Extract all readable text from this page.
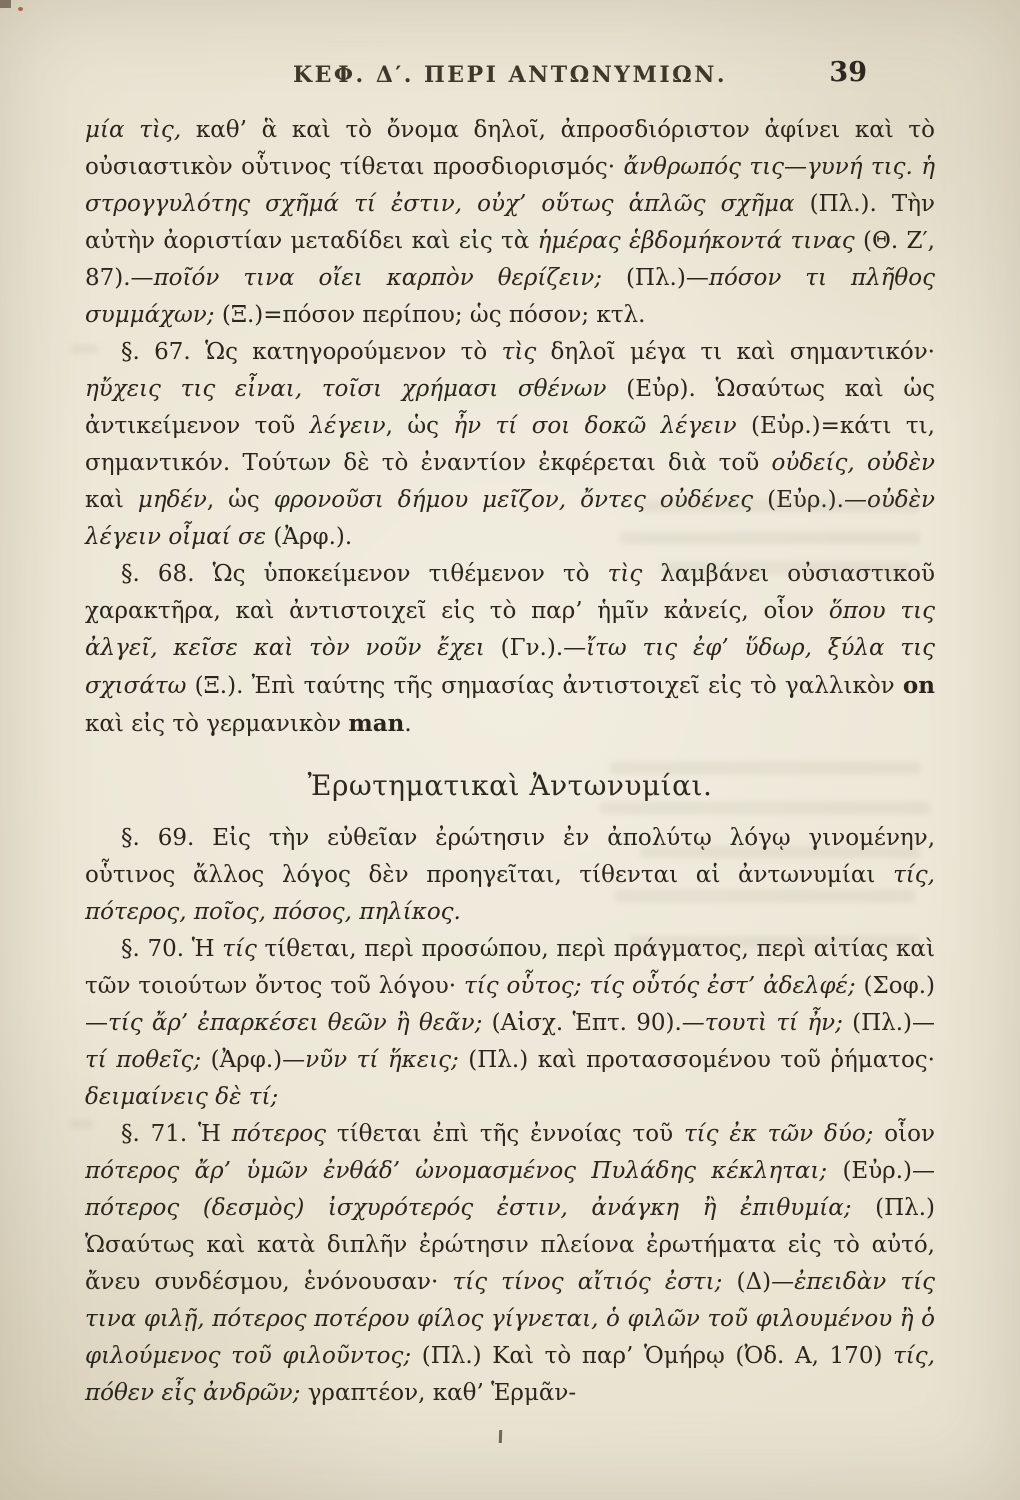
ΚΕΦ. Δ′. ΠΕΡΙ ΑΝΤΩΝΥΜΙΩΝ.	39

μία τὶς, καθ’ ἃ καὶ τὸ ὄνομα δηλοῖ, ἀπροσδιόριστον ἀφίνει καὶ τὸ οὐσιαστικὸν οὗτινος τίθεται προσδιορισμός· ἄνθρωπός τις—γυνή τις. ἡ στρογγυλότης σχῆμά τί ἐστιν, οὐχ’ οὕτως ἁπλῶς σχῆμα (Πλ.). Τὴν αὐτὴν ἀοριστίαν μεταδίδει καὶ εἰς τὰ ἡμέρας ἑβδομήκοντά τινας (Θ. Ζ′, 87).—ποῖόν τινα οἴει καρπὸν θερίζειν; (Πλ.)—πόσον τι πλῆθος συμμάχων; (Ξ.)=πόσον περίπου; ὡς πόσον; κτλ.

§. 67. Ὡς κατηγορούμενον τὸ τὶς δηλοῖ μέγα τι καὶ σημαντικόν· ηὔχεις τις εἶναι, τοῖσι χρήμασι σθένων (Εὐρ). Ὡσαύτως καὶ ὡς ἀντικείμενον τοῦ λέγειν, ὡς ἦν τί σοι δοκῶ λέγειν (Εὐρ.)=κάτι τι, σημαντικόν. Τούτων δὲ τὸ ἐναντίον ἐκφέρεται διὰ τοῦ οὐδείς, οὐδὲν καὶ μηδέν, ὡς φρονοῦσι δήμου μεῖζον, ὄντες οὐδένες (Εὐρ.).—οὐδὲν λέγειν οἶμαί σε (Ἀρφ.).

§. 68. Ὡς ὑποκείμενον τιθέμενον τὸ τὶς λαμβάνει οὐσιαστικοῦ χαρακτῆρα, καὶ ἀντιστοιχεῖ εἰς τὸ παρ’ ἡμῖν κἀνείς, οἷον ὅπου τις ἀλγεῖ, κεῖσε καὶ τὸν νοῦν ἔχει (Γν.).—ἴτω τις ἐφ’ ὕδωρ, ξύλα τις σχισάτω (Ξ.). Ἐπὶ ταύτης τῆς σημασίας ἀντιστοιχεῖ εἰς τὸ γαλλικὸν on καὶ εἰς τὸ γερμανικὸν man.

Ἐρωτηματικαὶ Ἀντωνυμίαι.

§. 69. Εἰς τὴν εὐθεῖαν ἐρώτησιν ἐν ἀπολύτῳ λόγῳ γινομένην, οὗτινος ἄλλος λόγος δὲν προηγεῖται, τίθενται αἱ ἀντωνυμίαι τίς, πότερος, ποῖος, πόσος, πηλίκος.

§. 70. Ἡ τίς τίθεται, περὶ προσώπου, περὶ πράγματος, περὶ αἰτίας καὶ τῶν τοιούτων ὄντος τοῦ λόγου· τίς οὗτος; τίς οὗτός ἐστ’ ἀδελφέ; (Σοφ.)—τίς ἄρ’ ἐπαρκέσει θεῶν ἢ θεᾶν; (Αἰσχ. Ἑπτ. 90).—τουτὶ τί ἦν; (Πλ.)—τί ποθεῖς; (Ἀρφ.)—νῦν τί ἥκεις; (Πλ.) καὶ προτασσομένου τοῦ ῥήματος· δειμαίνεις δὲ τί;

§. 71. Ἡ πότερος τίθεται ἐπὶ τῆς ἐννοίας τοῦ τίς ἐκ τῶν δύο; οἷον πότερος ἄρ’ ὑμῶν ἐνθάδ’ ὠνομασμένος Πυλάδης κέκληται; (Εὐρ.)—πότερος (δεσμὸς) ἰσχυρότερός ἐστιν, ἀνάγκη ἢ ἐπιθυμία; (Πλ.) Ὡσαύτως καὶ κατὰ διπλῆν ἐρώτησιν πλείονα ἐρωτήματα εἰς τὸ αὐτό, ἄνευ συνδέσμου, ἑνόνουσαν· τίς τίνος αἴτιός ἐστι; (Δ)—ἐπειδὰν τίς τινα φιλῇ, πότερος ποτέρου φίλος γίγνεται, ὁ φιλῶν τοῦ φιλουμένου ἢ ὁ φιλούμενος τοῦ φιλοῦντος; (Πλ.) Καὶ τὸ παρ’ Ὁμήρῳ (Ὀδ. Α, 170) τίς, πόθεν εἶς ἀνδρῶν; γραπτέον, καθ’ Ἑρμᾶν-
